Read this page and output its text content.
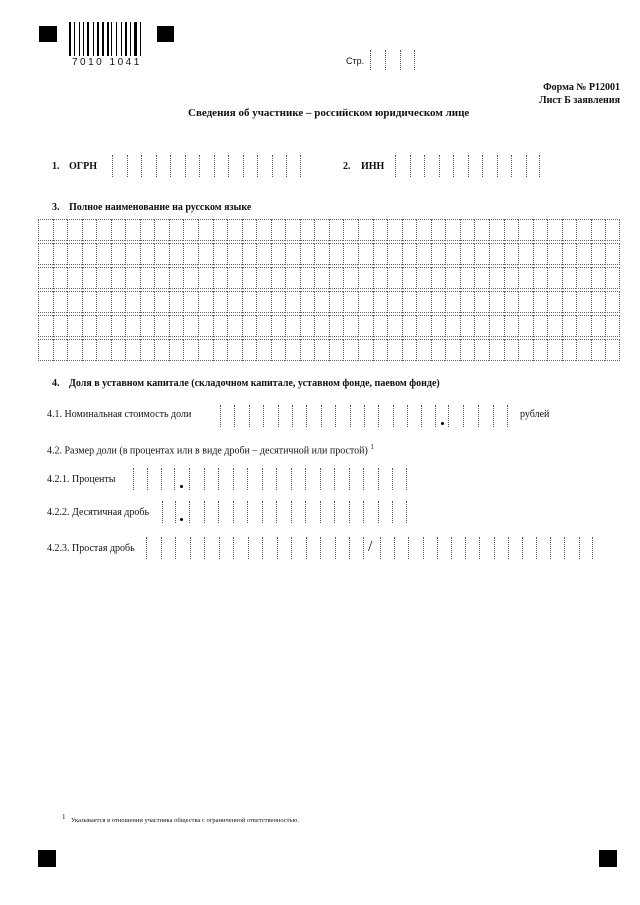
7010 1041	Стр.
Форма № Р12001
Лист Б заявления
Сведения об участнике – российском юридическом лице
1. ОГРН	2. ИНН
3. Полное наименование на русском языке
4. Доля в уставном капитале (складочном капитале, уставном фонде, паевом фонде)
4.1. Номинальная стоимость доли	рублей
4.2. Размер доли (в процентах или в виде дроби – десятичной или простой) $^1$
4.2.1. Проценты
4.2.2. Десятичная дробь
4.2.3. Простая дробь	/
1 Указывается в отношении участника общества с ограниченной ответственностью.
